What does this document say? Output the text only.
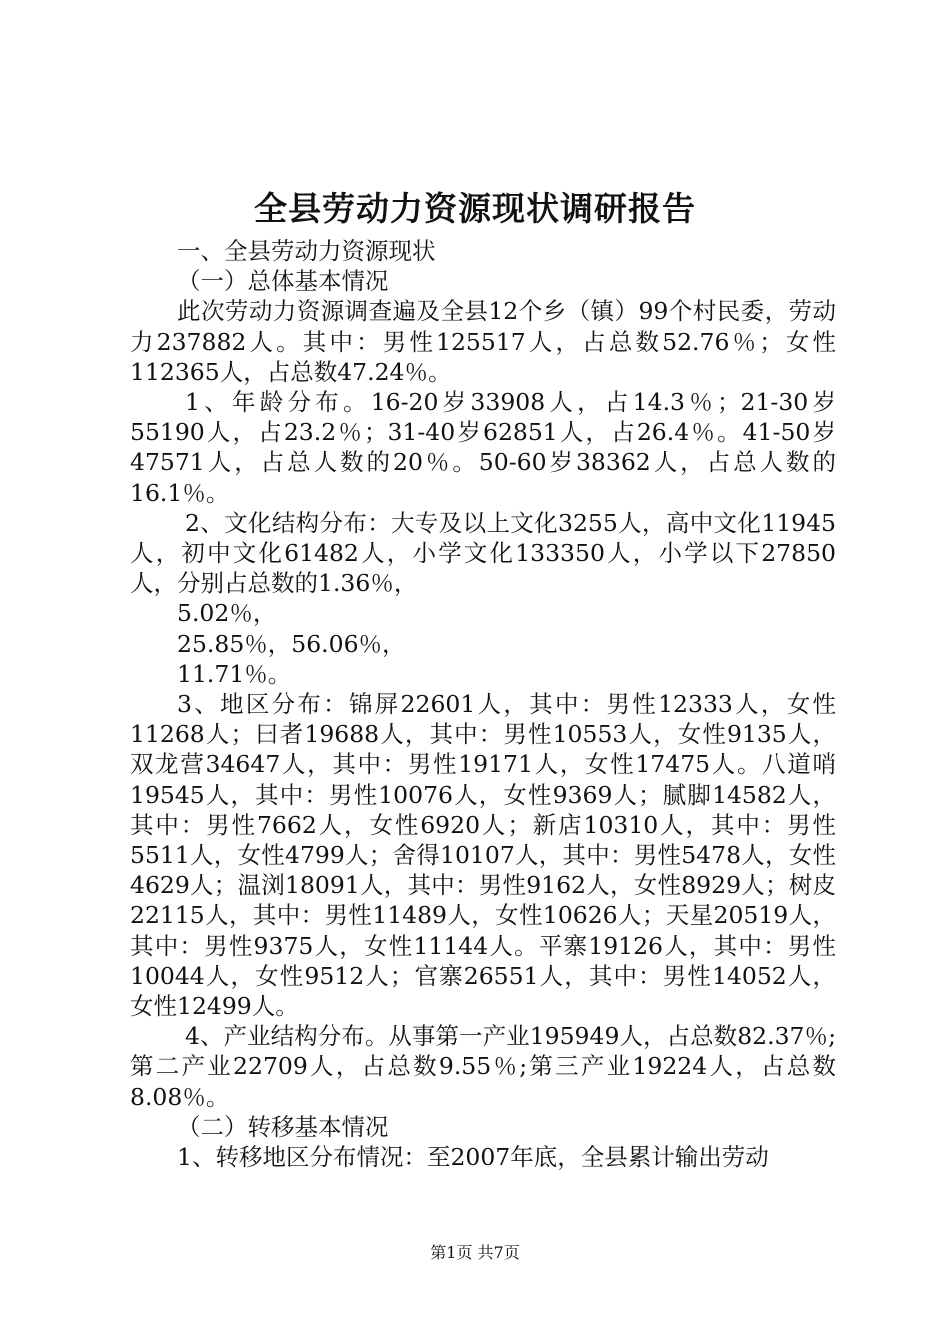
全县劳动力资源现状调研报告

一、全县劳动力资源现状

（一）总体基本情况

此次劳动力资源调查遍及全县12个乡（镇）99个村民委，劳动力237882人。其中：男性125517人，占总数52.76％；女性112365人，占总数47.24％。

1、年龄分布。16-20岁33908人，占14.3％；21-30岁55190人，占23.2％；31-40岁62851人，占26.4％。41-50岁47571人，占总人数的20％。50-60岁38362人，占总人数的16.1％。

2、文化结构分布：大专及以上文化3255人，高中文化11945人，初中文化61482人，小学文化133350人，小学以下27850人，分别占总数的1.36％，

5.02％，

25.85％，56.06％，

11.71％。

3、地区分布：锦屏22601人，其中：男性12333人，女性11268人；曰者19688人，其中：男性10553人，女性9135人，双龙营34647人，其中：男性19171人，女性17475人。八道哨19545人，其中：男性10076人，女性9369人；腻脚14582人，其中：男性7662人，女性6920人；新店10310人，其中：男性5511人，女性4799人；舍得10107人，其中：男性5478人，女性4629人；温浏18091人，其中：男性9162人，女性8929人；树皮22115人，其中：男性11489人，女性10626人；天星20519人，其中：男性9375人，女性11144人。平寨19126人，其中：男性10044人，女性9512人；官寨26551人，其中：男性14052人，女性12499人。

4、产业结构分布。从事第一产业195949人，占总数82.37％;第二产业22709人，占总数9.55％;第三产业19224人，占总数8.08％。

（二）转移基本情况

1、转移地区分布情况：至2007年底，全县累计输出劳动

第1页 共7页
